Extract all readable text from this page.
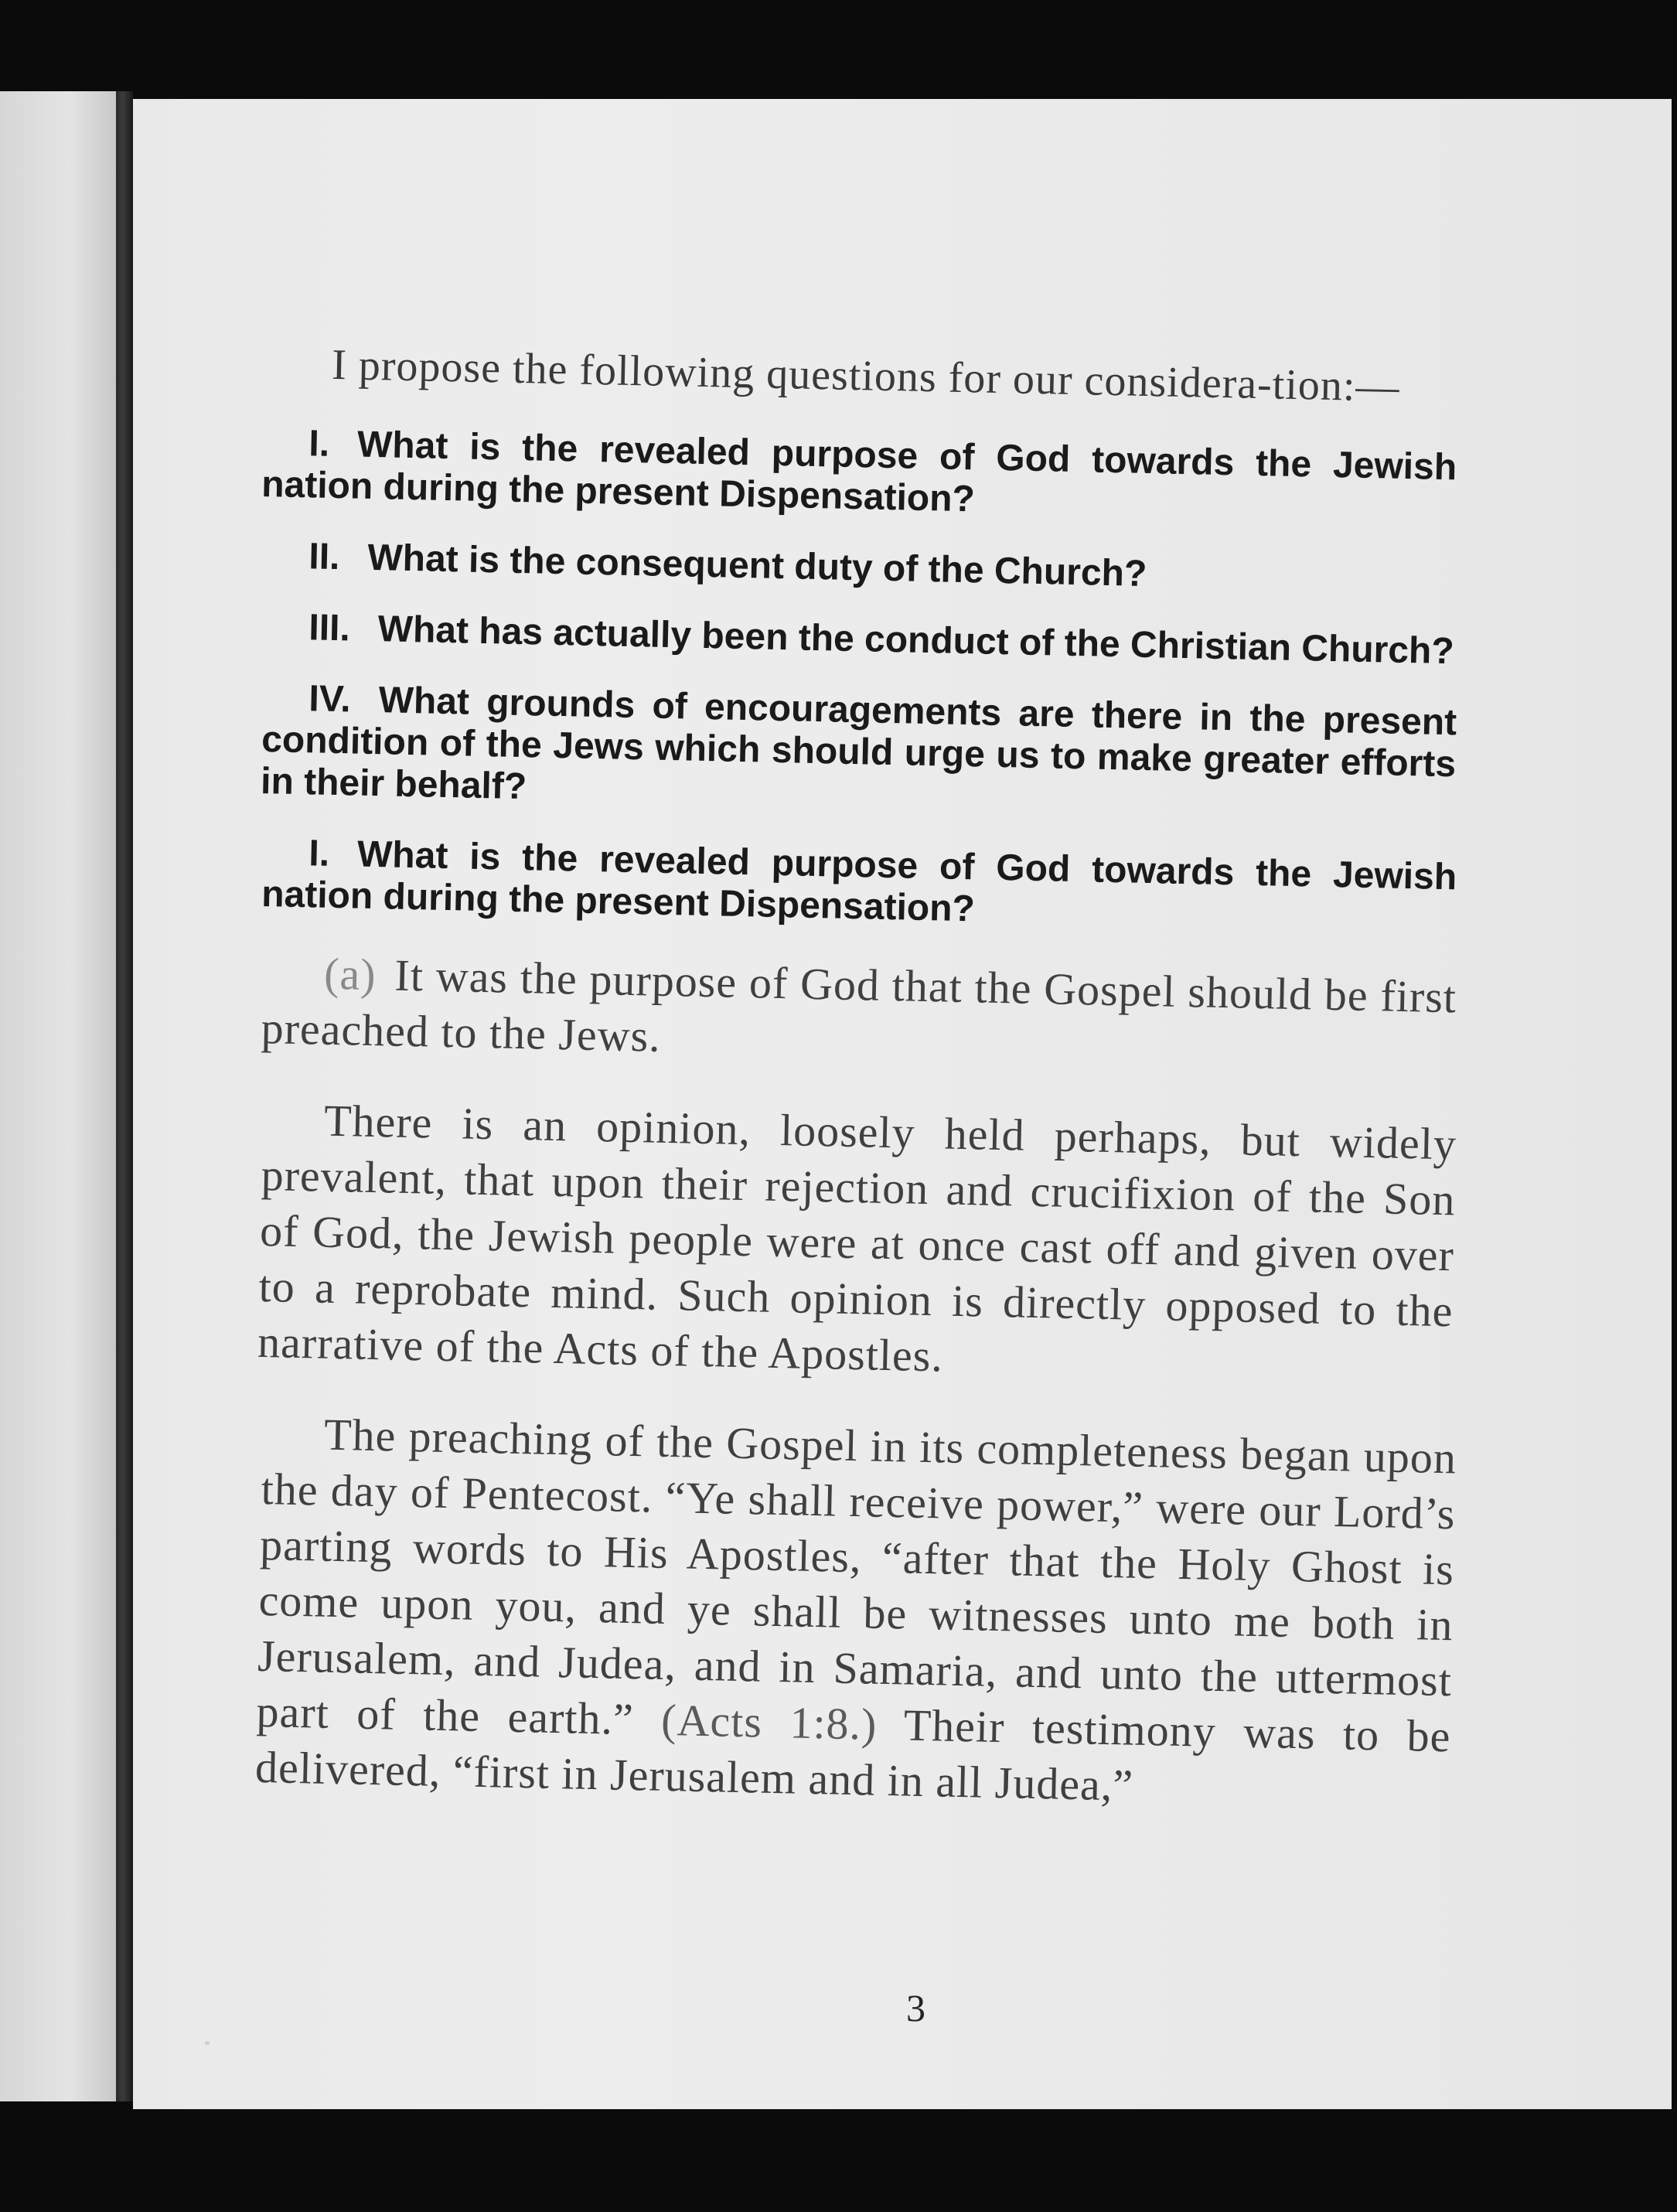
I propose the following questions for our considera-tion:—

I. What is the revealed purpose of God towards the Jewish nation during the present Dispensation?

II. What is the consequent duty of the Church?

III. What has actually been the conduct of the Christian Church?

IV. What grounds of encouragements are there in the present condition of the Jews which should urge us to make greater efforts in their behalf?

I. What is the revealed purpose of God towards the Jewish nation during the present Dispensation?

(a) It was the purpose of God that the Gospel should be first preached to the Jews.

There is an opinion, loosely held perhaps, but widely prevalent, that upon their rejection and crucifixion of the Son of God, the Jewish people were at once cast off and given over to a reprobate mind. Such opinion is directly opposed to the narrative of the Acts of the Apostles.

The preaching of the Gospel in its completeness began upon the day of Pentecost. “Ye shall receive power,” were our Lord’s parting words to His Apostles, “after that the Holy Ghost is come upon you, and ye shall be witnesses unto me both in Jerusalem, and Judea, and in Samaria, and unto the uttermost part of the earth.” (Acts 1:8.) Their testimony was to be delivered, “first in Jerusalem and in all Judea,”

3
